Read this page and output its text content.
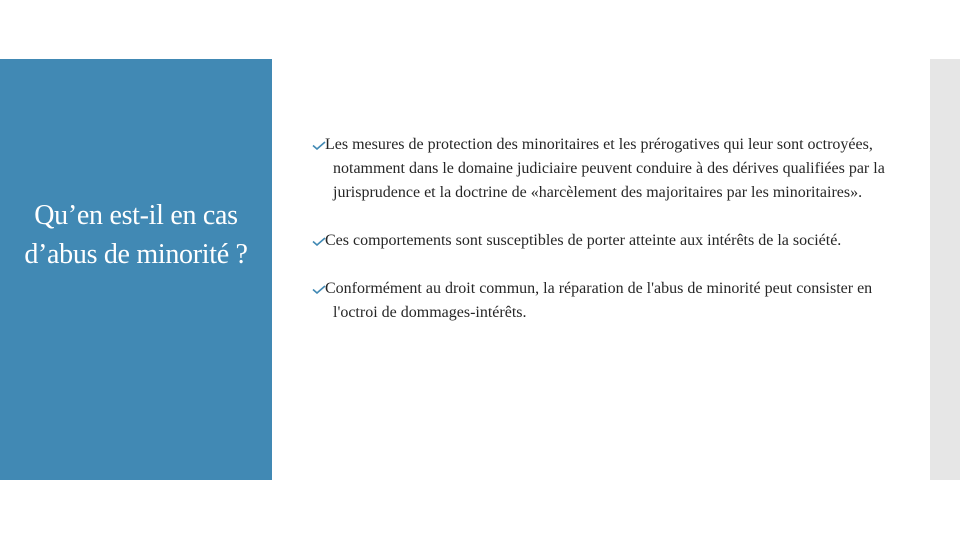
Qu’en est-il en cas d’abus de minorité ?
Les mesures de protection des minoritaires et les prérogatives qui leur sont octroyées, notamment dans le domaine judiciaire peuvent conduire à des dérives qualifiées par la jurisprudence et la doctrine de «harcèlement des majoritaires par les minoritaires».
Ces comportements sont susceptibles de porter atteinte aux intérêts de la société.
Conformément au droit commun, la réparation de l'abus de minorité peut consister en l'octroi de dommages-intérêts.
